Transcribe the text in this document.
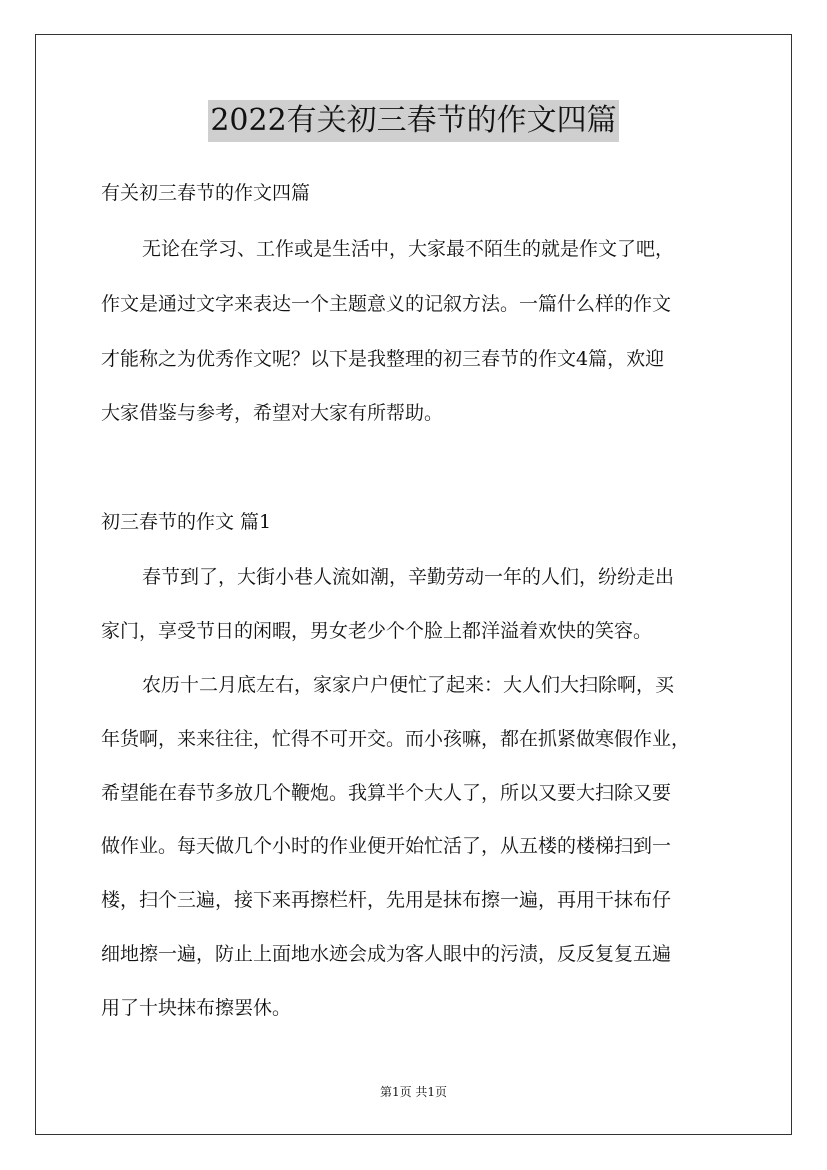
2022有关初三春节的作文四篇
有关初三春节的作文四篇
无论在学习、工作或是生活中，大家最不陌生的就是作文了吧，
作文是通过文字来表达一个主题意义的记叙方法。一篇什么样的作文
才能称之为优秀作文呢？以下是我整理的初三春节的作文4篇，欢迎
大家借鉴与参考，希望对大家有所帮助。
初三春节的作文 篇1
春节到了，大街小巷人流如潮，辛勤劳动一年的人们，纷纷走出
家门，享受节日的闲暇，男女老少个个脸上都洋溢着欢快的笑容。
农历十二月底左右，家家户户便忙了起来：大人们大扫除啊，买
年货啊，来来往往，忙得不可开交。而小孩嘛，都在抓紧做寒假作业，
希望能在春节多放几个鞭炮。我算半个大人了，所以又要大扫除又要
做作业。每天做几个小时的作业便开始忙活了，从五楼的楼梯扫到一
楼，扫个三遍，接下来再擦栏杆，先用是抹布擦一遍，再用干抹布仔
细地擦一遍，防止上面地水迹会成为客人眼中的污渍，反反复复五遍
用了十块抹布擦罢休。
第1页 共1页
